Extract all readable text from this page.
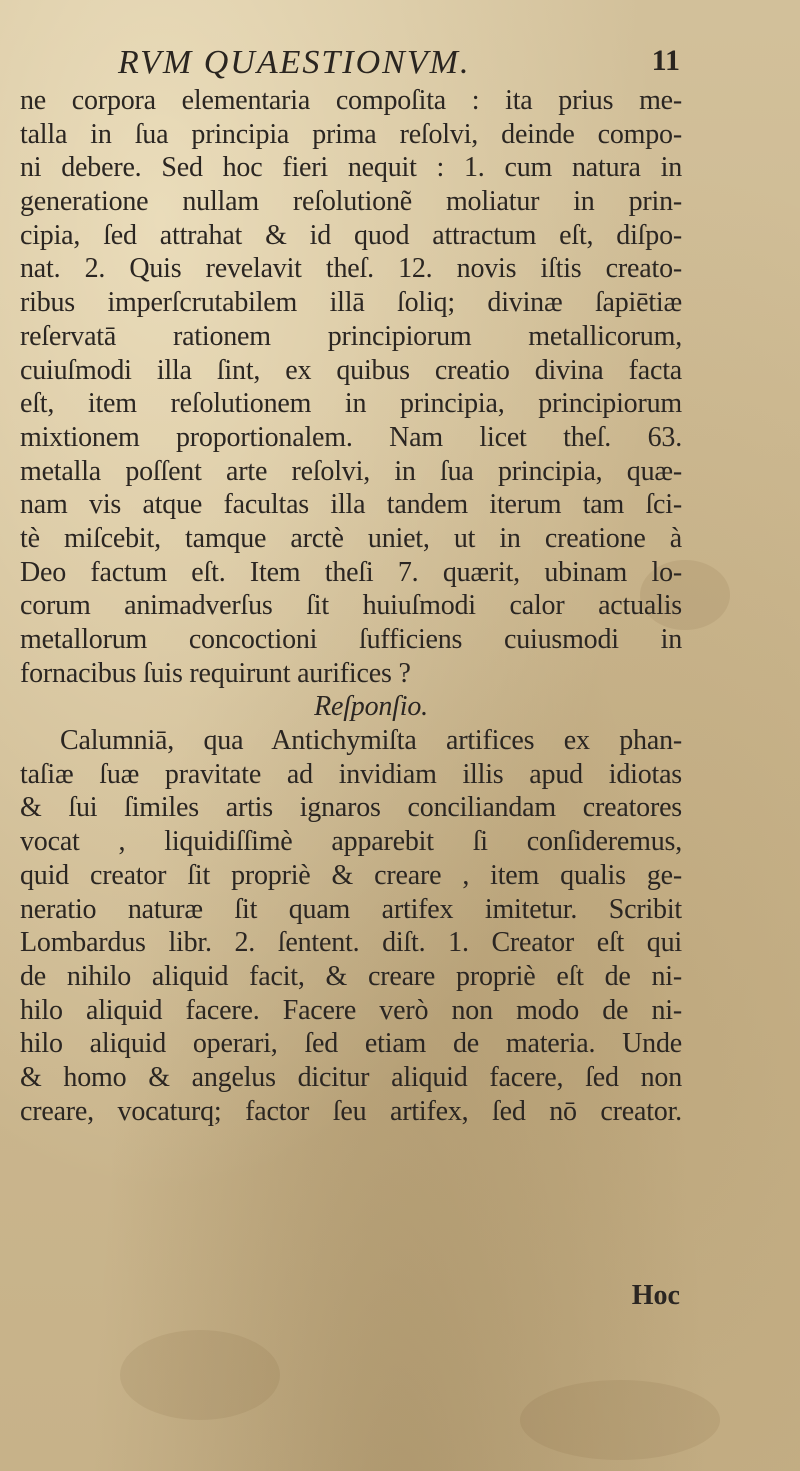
RVM QUAESTIONVM.	11
ne corpora elementaria compoſita : ita prius me-
talla in ſua principia prima reſolvi, deinde compo-
ni debere. Sed hoc fieri nequit : 1. cum natura in
generatione nullam reſolutionẽ moliatur in prin-
cipia, ſed attrahat & id quod attractum eſt, diſpo-
nat. 2. Quis revelavit theſ. 12. novis iſtis creato-
ribus imperſcrutabilem illā ſoliq; divinæ ſapiētiæ
reſervatā rationem principiorum metallicorum,
cuiuſmodi illa ſint, ex quibus creatio divina facta
eſt, item reſolutionem in principia, principiorum
mixtionem proportionalem. Nam licet theſ. 63.
metalla poſſent arte reſolvi, in ſua principia, quæ-
nam vis atque facultas illa tandem iterum tam ſci-
tè miſcebit, tamque arctè uniet, ut in creatione à
Deo factum eſt. Item theſi 7. quærit, ubinam lo-
corum animadverſus ſit huiuſmodi calor actualis
metallorum concoctioni ſufficiens cuiusmodi in
fornacibus ſuis requirunt aurifices ?
Reſponſio.
Calumniā, qua Antichymiſta artifices ex phan-
taſiæ ſuæ pravitate ad invidiam illis apud idiotas
& ſui ſimiles artis ignaros conciliandam creatores
vocat , liquidiſſimè apparebit ſi conſideremus,
quid creator ſit propriè & creare , item qualis ge-
neratio naturæ ſit quam artifex imitetur. Scribit
Lombardus libr. 2. ſentent. diſt. 1. Creator eſt qui
de nihilo aliquid facit, & creare propriè eſt de ni-
hilo aliquid facere. Facere verò non modo de ni-
hilo aliquid operari, ſed etiam de materia. Unde
& homo & angelus dicitur aliquid facere, ſed non
creare, vocaturq; factor ſeu artifex, ſed nō creator.
Hoc
